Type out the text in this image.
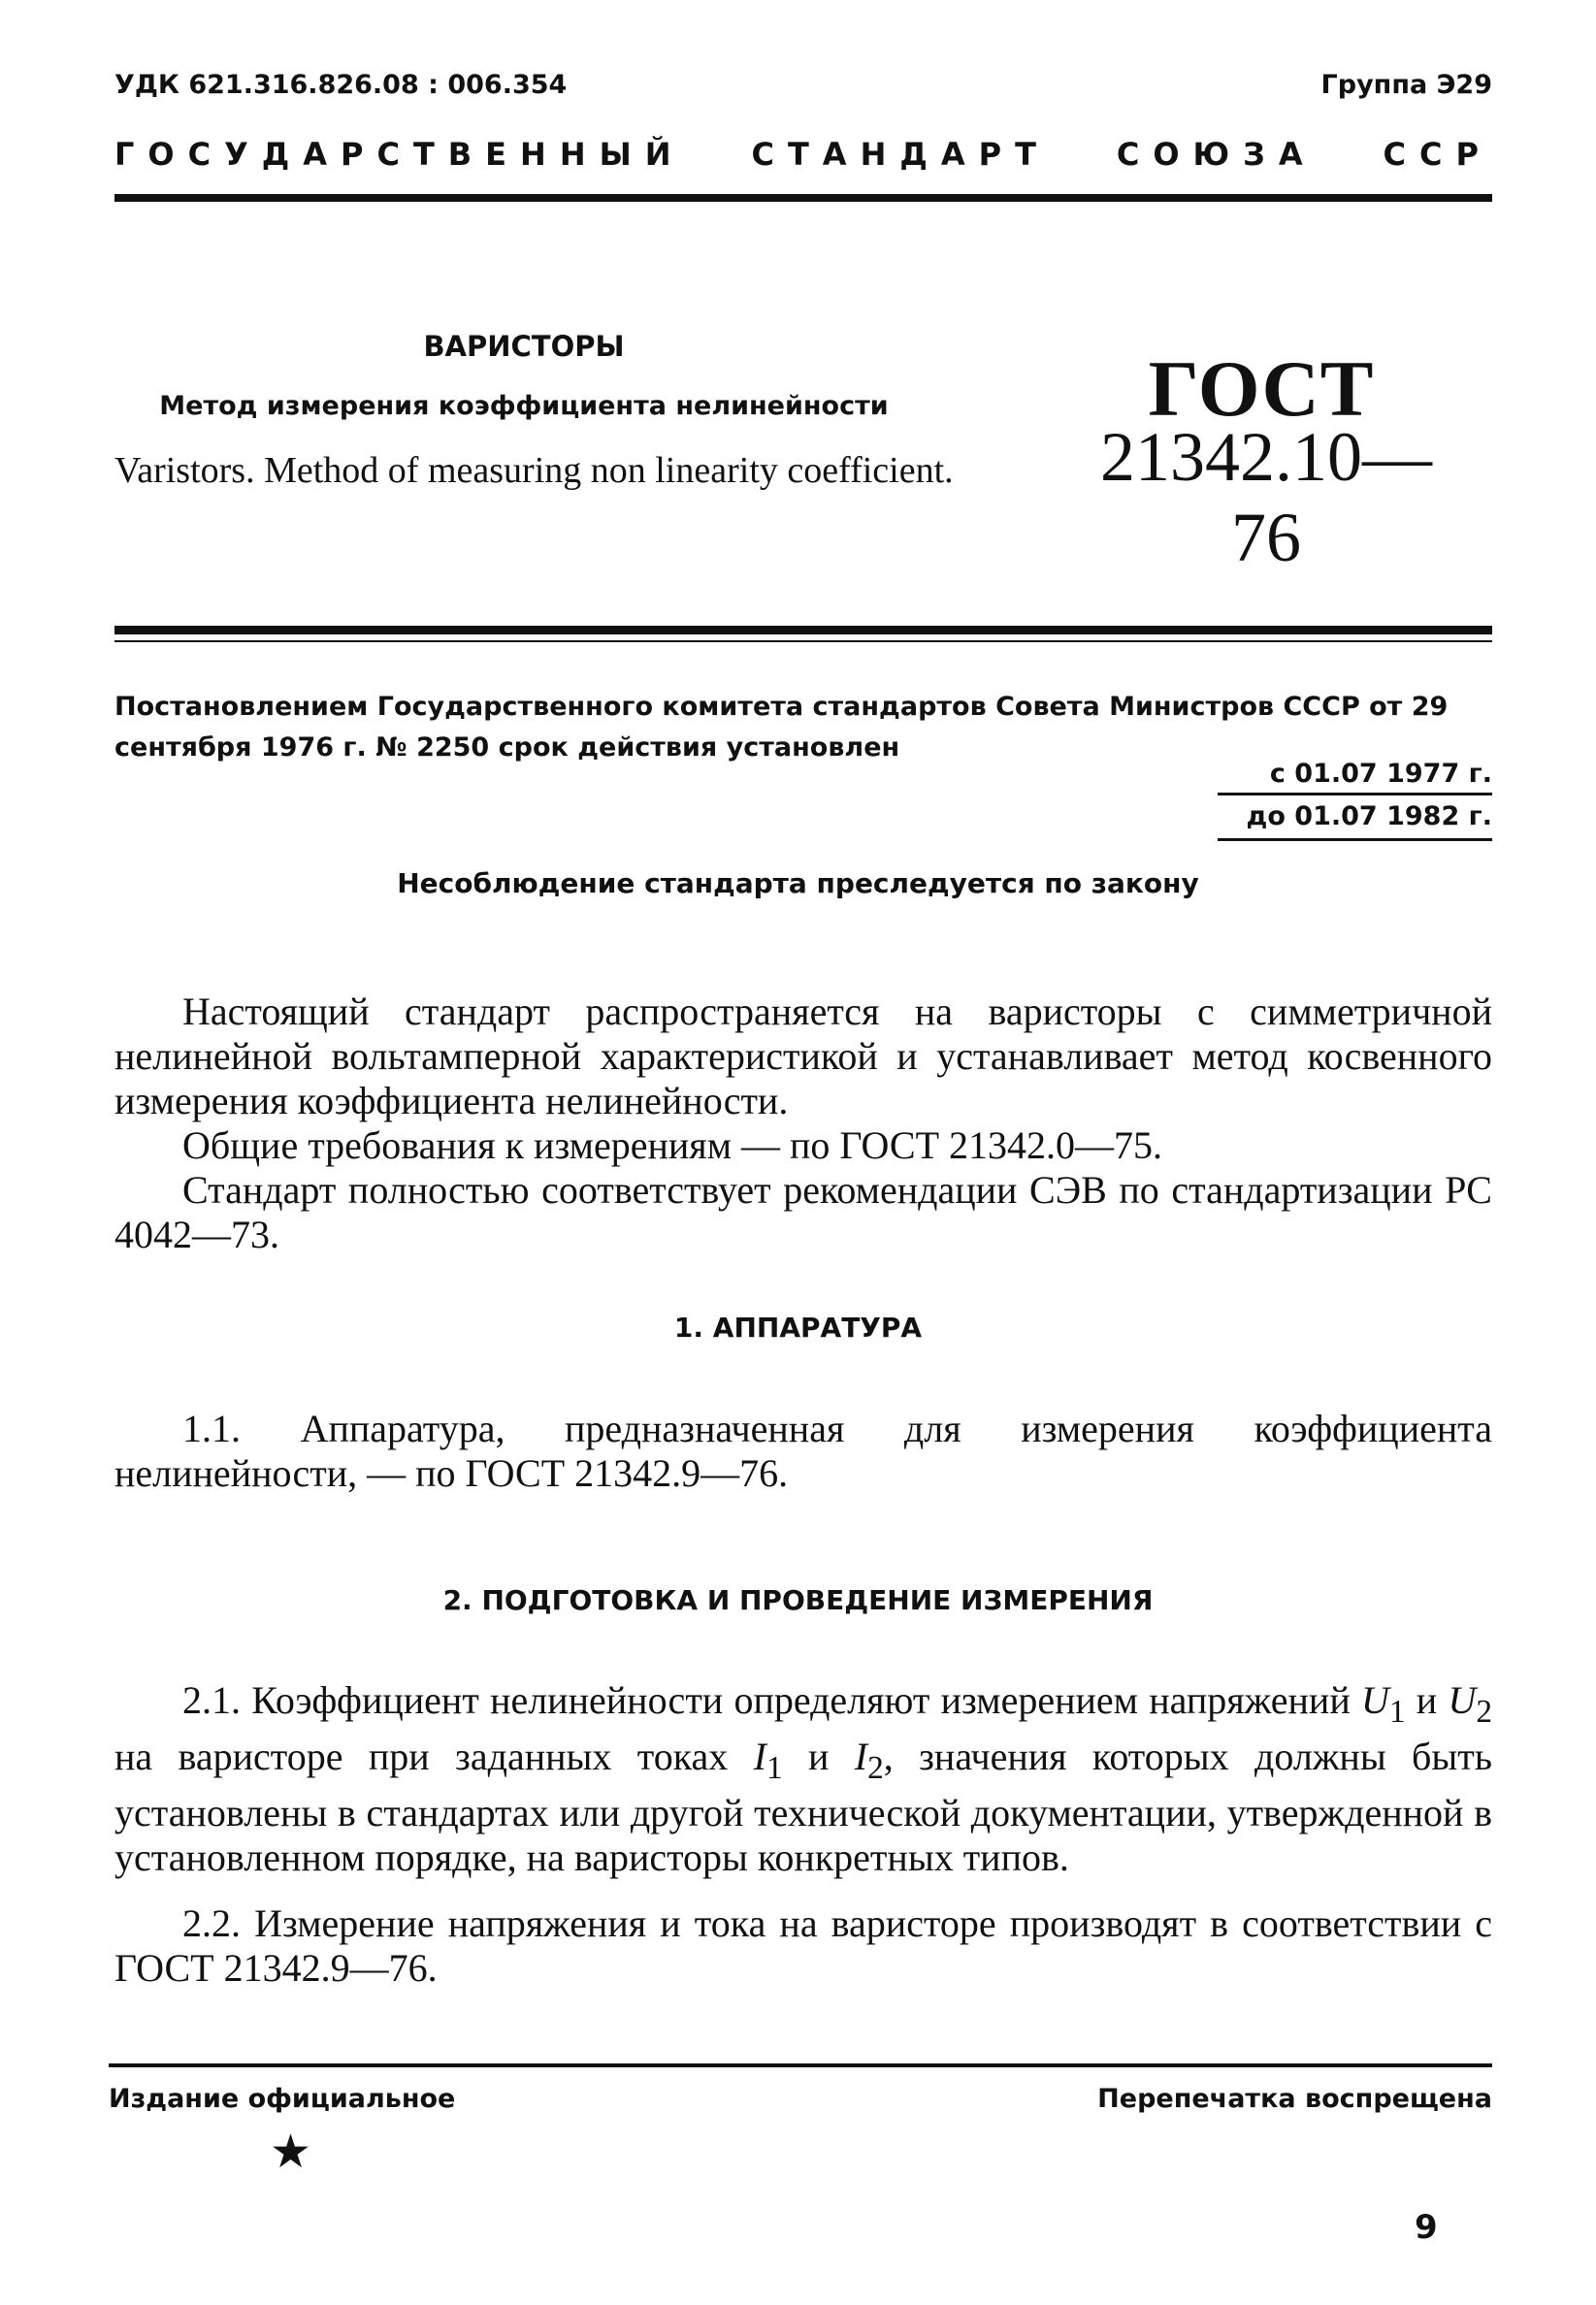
УДК 621.316.826.08 : 006.354	Группа Э29
ГОСУДАРСТВЕННЫЙ СТАНДАРТ СОЮЗА ССР
ВАРИСТОРЫ
Метод измерения коэффициента нелинейности
Varistors. Method of measuring non linearity coefficient.
ГОСТ
21342.10—76
Постановлением Государственного комитета стандартов Совета Министров СССР от 29 сентября 1976 г. № 2250 срок действия установлен
с 01.07 1977 г.
до 01.07 1982 г.
Несоблюдение стандарта преследуется по закону
Настоящий стандарт распространяется на варисторы с симметричной нелинейной вольтамперной характеристикой и устанавливает метод косвенного измерения коэффициента нелинейности.
Общие требования к измерениям — по ГОСТ 21342.0—75.
Стандарт полностью соответствует рекомендации СЭВ по стандартизации PC 4042—73.
1. АППАРАТУРА
1.1. Аппаратура, предназначенная для измерения коэффициента нелинейности, — по ГОСТ 21342.9—76.
2. ПОДГОТОВКА И ПРОВЕДЕНИЕ ИЗМЕРЕНИЯ
2.1. Коэффициент нелинейности определяют измерением напряжений $U_1$ и $U_2$ на варисторе при заданных токах $I_1$ и $I_2$, значения которых должны быть установлены в стандартах или другой технической документации, утвержденной в установленном порядке, на варисторы конкретных типов.
2.2. Измерение напряжения и тока на варисторе производят в соответствии с ГОСТ 21342.9—76.
Издание официальное	Перепечатка воспрещена
★
9
